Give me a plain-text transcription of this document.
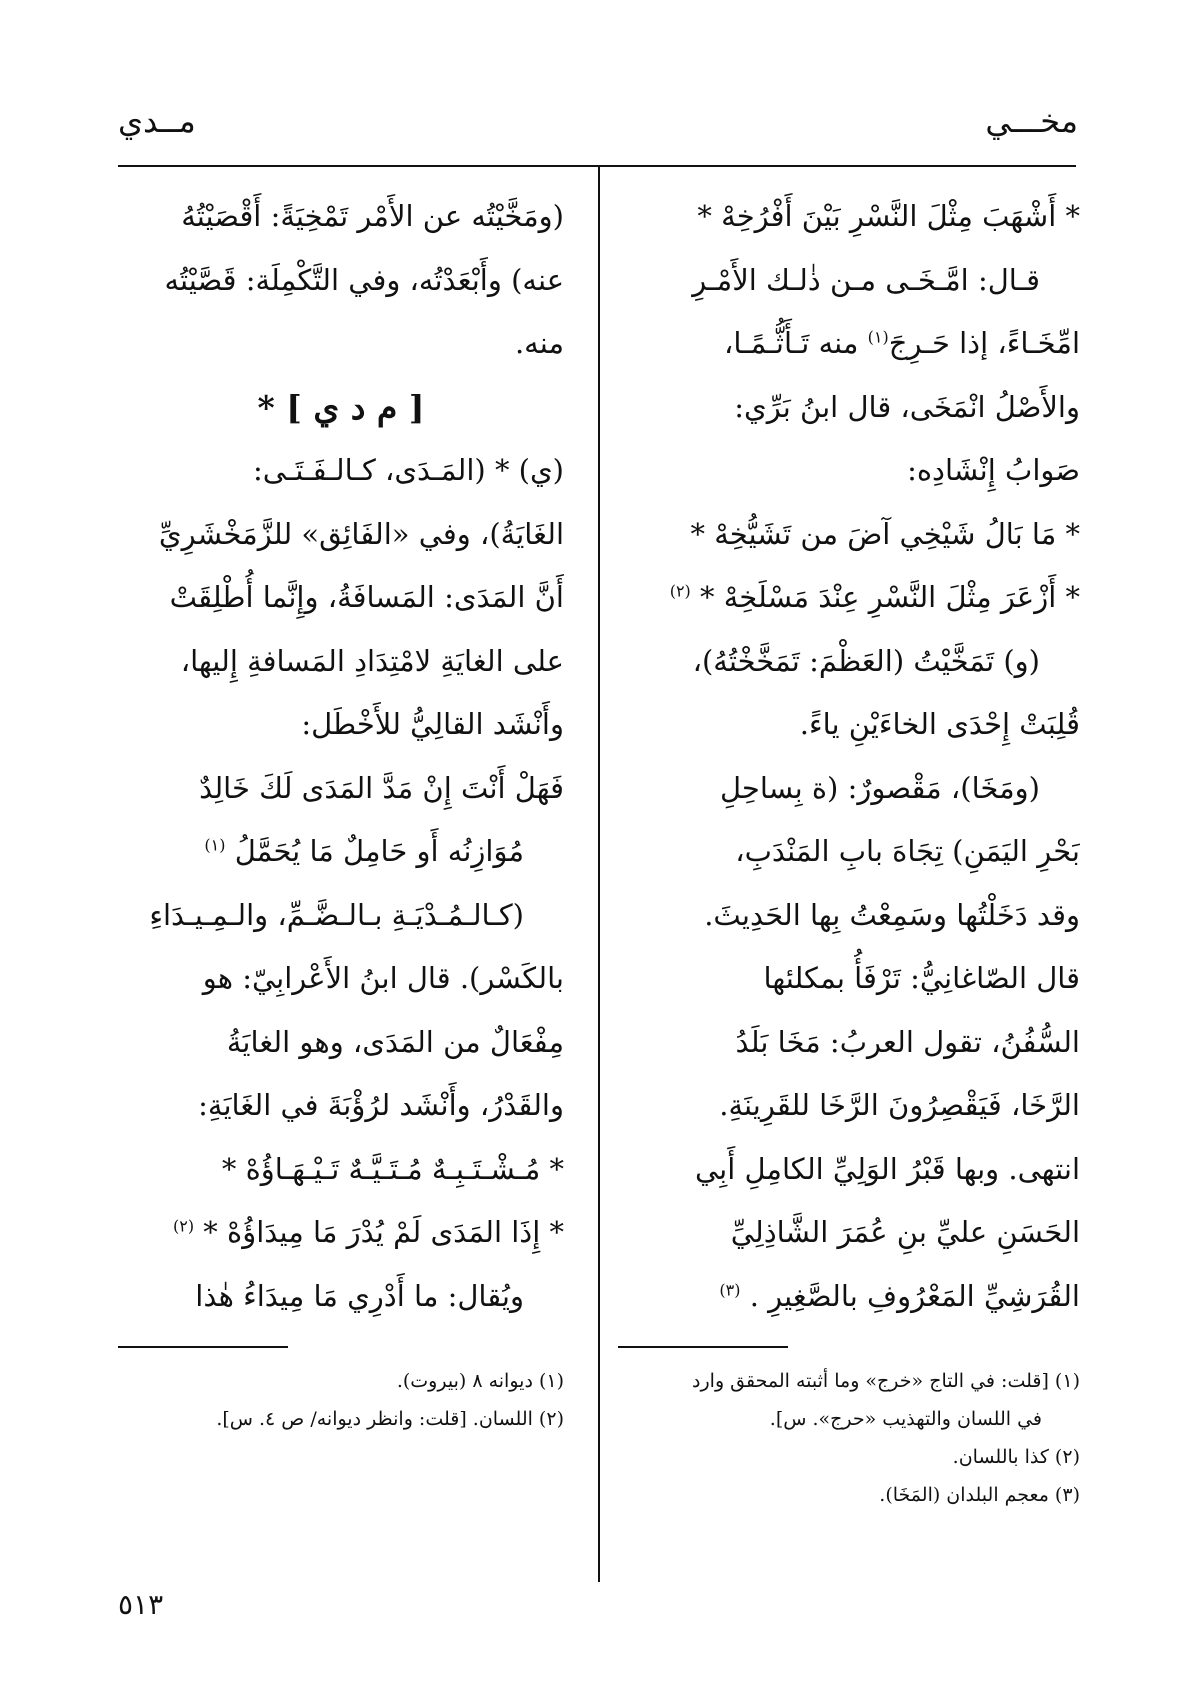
مخـــي
مــدي
* أَشْهَبَ مِثْلَ النَّسْرِ بَيْنَ أَفْرُخِهْ *
قـال: امَّـخَـى مـن ذٰلـك الأَمْـرِ
امِّخَـاءً، إذا حَـرِجَ$^{(١)}$ منه تَـأَثُّـمًـا،
والأَصْلُ انْمَخَى، قال ابنُ بَرِّي:
صَوابُ إِنْشَادِه:
* مَا بَالُ شَيْخِي آضَ من تَشَيُّخِهْ *
* أَزْعَرَ مِثْلَ النَّسْرِ عِنْدَ مَسْلَخِهْ * $^{(٢)}$
(و) تَمَخَّيْتُ (العَظْمَ: تَمَخَّخْتُهُ)،
قُلِبَتْ إِحْدَى الخاءَيْنِ ياءً.
(ومَخَا)، مَقْصورٌ: (ة بِساحِلِ
بَحْرِ اليَمَنِ) تِجَاهَ بابِ المَنْدَبِ،
وقد دَخَلْتُها وسَمِعْتُ بِها الحَدِيثَ.
قال الصّاغانِيُّ: تَرْفَأُ بمكلئها
السُّفُنُ، تقول العربُ: مَخَا بَلَدُ
الرَّخَا، فَيَقْصِرُونَ الرَّخَا للقَرِينَةِ.
انتهى. وبها قَبْرُ الوَلِيِّ الكامِلِ أَبِي
الحَسَنِ عليِّ بنِ عُمَرَ الشَّاذِلِيِّ
القُرَشِيِّ المَعْرُوفِ بالصَّغِيرِ . $^{(٣)}$
(١) [قلت: في التاج «خرج» وما أثبته المحقق وارد
في اللسان والتهذيب «حرج». س].
(٢) كذا باللسان.
(٣) معجم البلدان (المَخَا).
(ومَخَّيْتُه عن الأَمْر تَمْخِيَةً: أَقْصَيْتُهُ
عنه) وأَبْعَدْتُه، وفي التَّكْمِلَة: قَصَّيْتُه
منه.
[ م د ي ] *
(ي) * (المَـدَى، كـالـفَـتَـى:
الغَايَةُ)، وفي «الفَائِق» للزَّمَخْشَرِيِّ
أَنَّ المَدَى: المَسافَةُ، وإِنَّما أُطْلِقَتْ
على الغايَةِ لامْتِدَادِ المَسافةِ إِليها،
وأَنْشَد القالِيُّ للأَخْطَل:
فَهَلْ أَنْتَ إِنْ مَدَّ المَدَى لَكَ خَالِدٌ
مُوَازِنُه أَو حَامِلٌ مَا يُحَمَّلُ $^{(١)}$
(كـالـمُـدْيَـةِ بـالـضَّـمِّ، والـمِـيـدَاءِ
بالكَسْر). قال ابنُ الأَعْرابِيّ: هو
مِفْعَالٌ من المَدَى، وهو الغايَةُ
والقَدْرُ، وأَنْشَد لرُؤْبَةَ في الغَايَةِ:
* مُـشْـتَـبِـهٌ مُـتَـيَّـهٌ تَـيْـهَـاؤُهْ *
* إِذَا المَدَى لَمْ يُدْرَ مَا مِيدَاؤُهْ * $^{(٢)}$
ويُقال: ما أَدْرِي مَا مِيدَاءُ هٰذا
(١) ديوانه ٨ (بيروت).
(٢) اللسان. [قلت: وانظر ديوانه/ ص ٤. س].
٥١٣
